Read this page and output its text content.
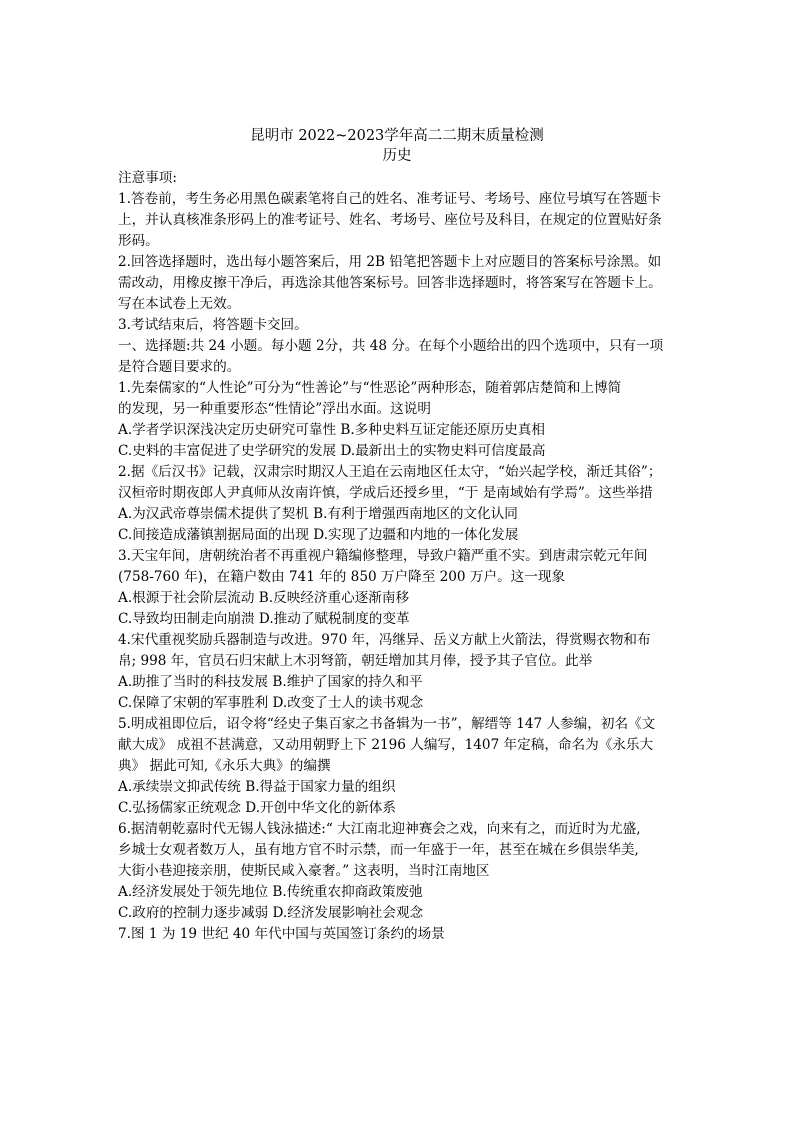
昆明市 2022~2023学年高二二期末质量检测
历史
注意事项:
1.答卷前，考生务必用黑色碳素笔将自己的姓名、准考证号、考场号、座位号填写在答题卡
上，并认真核准条形码上的准考证号、姓名、考场号、座位号及科目，在规定的位置贴好条
形码。
2.回答选择题时，选出每小题答案后，用 2B 铅笔把答题卡上对应题目的答案标号涂黑。如
需改动，用橡皮擦干净后，再选涂其他答案标号。回答非选择题时，将答案写在答题卡上。
写在本试卷上无效。
3.考试结束后，将答题卡交回。
一、选择题:共 24 小题。每小题 2分，共 48 分。在每个小题给出的四个选项中，只有一项
是符合题目要求的。
1.先秦儒家的“人性论”可分为“性善论”与“性恶论”两种形态，随着郭店楚简和上博简
的发现，另一种重要形态“性情论”浮出水面。这说明
A.学者学识深浅决定历史研究可靠性 B.多种史料互证定能还原历史真相
C.史料的丰富促进了史学研究的发展 D.最新出土的实物史料可信度最高
2.据《后汉书》记载，汉肃宗时期汉人王追在云南地区任太守，“始兴起学校，渐迁其俗”；
汉桓帝时期夜郎人尹真师从汝南许慎，学成后还授乡里，“于 是南域始有学焉”。这些举措
A.为汉武帝尊崇儒术提供了契机 B.有利于增强西南地区的文化认同
C.间接造成藩镇割据局面的出现 D.实现了边疆和内地的一体化发展
3.天宝年间，唐朝统治者不再重视户籍编修整理，导致户籍严重不实。到唐肃宗乾元年间
(758-760 年)，在籍户数由 741 年的 850 万户降至 200 万户。这一现象
A.根源于社会阶层流动 B.反映经济重心逐渐南移
C.导致均田制走向崩溃 D.推动了赋税制度的变革
4.宋代重视奖励兵器制造与改进。970 年，冯继异、岳义方献上火箭法，得赏赐衣物和布
帛; 998 年，官员石归宋献上木羽弩箭，朝廷增加其月俸，授予其子官位。此举
A.助推了当时的科技发展 B.维护了国家的持久和平
C.保障了宋朝的军事胜利 D.改变了士人的读书观念
5.明成祖即位后，诏令将“经史子集百家之书备辑为一书”，解缙等 147 人参编，初名《文
献大成》 成祖不甚满意，又动用朝野上下 2196 人编写，1407 年定稿，命名为《永乐大
典》 据此可知,《永乐大典》的编撰
A.承续崇文抑武传统 B.得益于国家力量的组织
C.弘扬儒家正统观念 D.开创中华文化的新体系
6.据清朝乾嘉时代无锡人钱泳描述:“ 大江南北迎神赛会之戏，向来有之，而近时为尤盛,
乡城士女观者数万人，虽有地方官不时示禁，而一年盛于一年，甚至在城在乡俱崇华美,
大街小巷迎接亲朋，使斯民咸入豪奢。” 这表明，当时江南地区
A.经济发展处于领先地位 B.传统重农抑商政策废弛
C.政府的控制力逐步减弱 D.经济发展影响社会观念
7.图 1 为 19 世纪 40 年代中国与英国签订条约的场景
